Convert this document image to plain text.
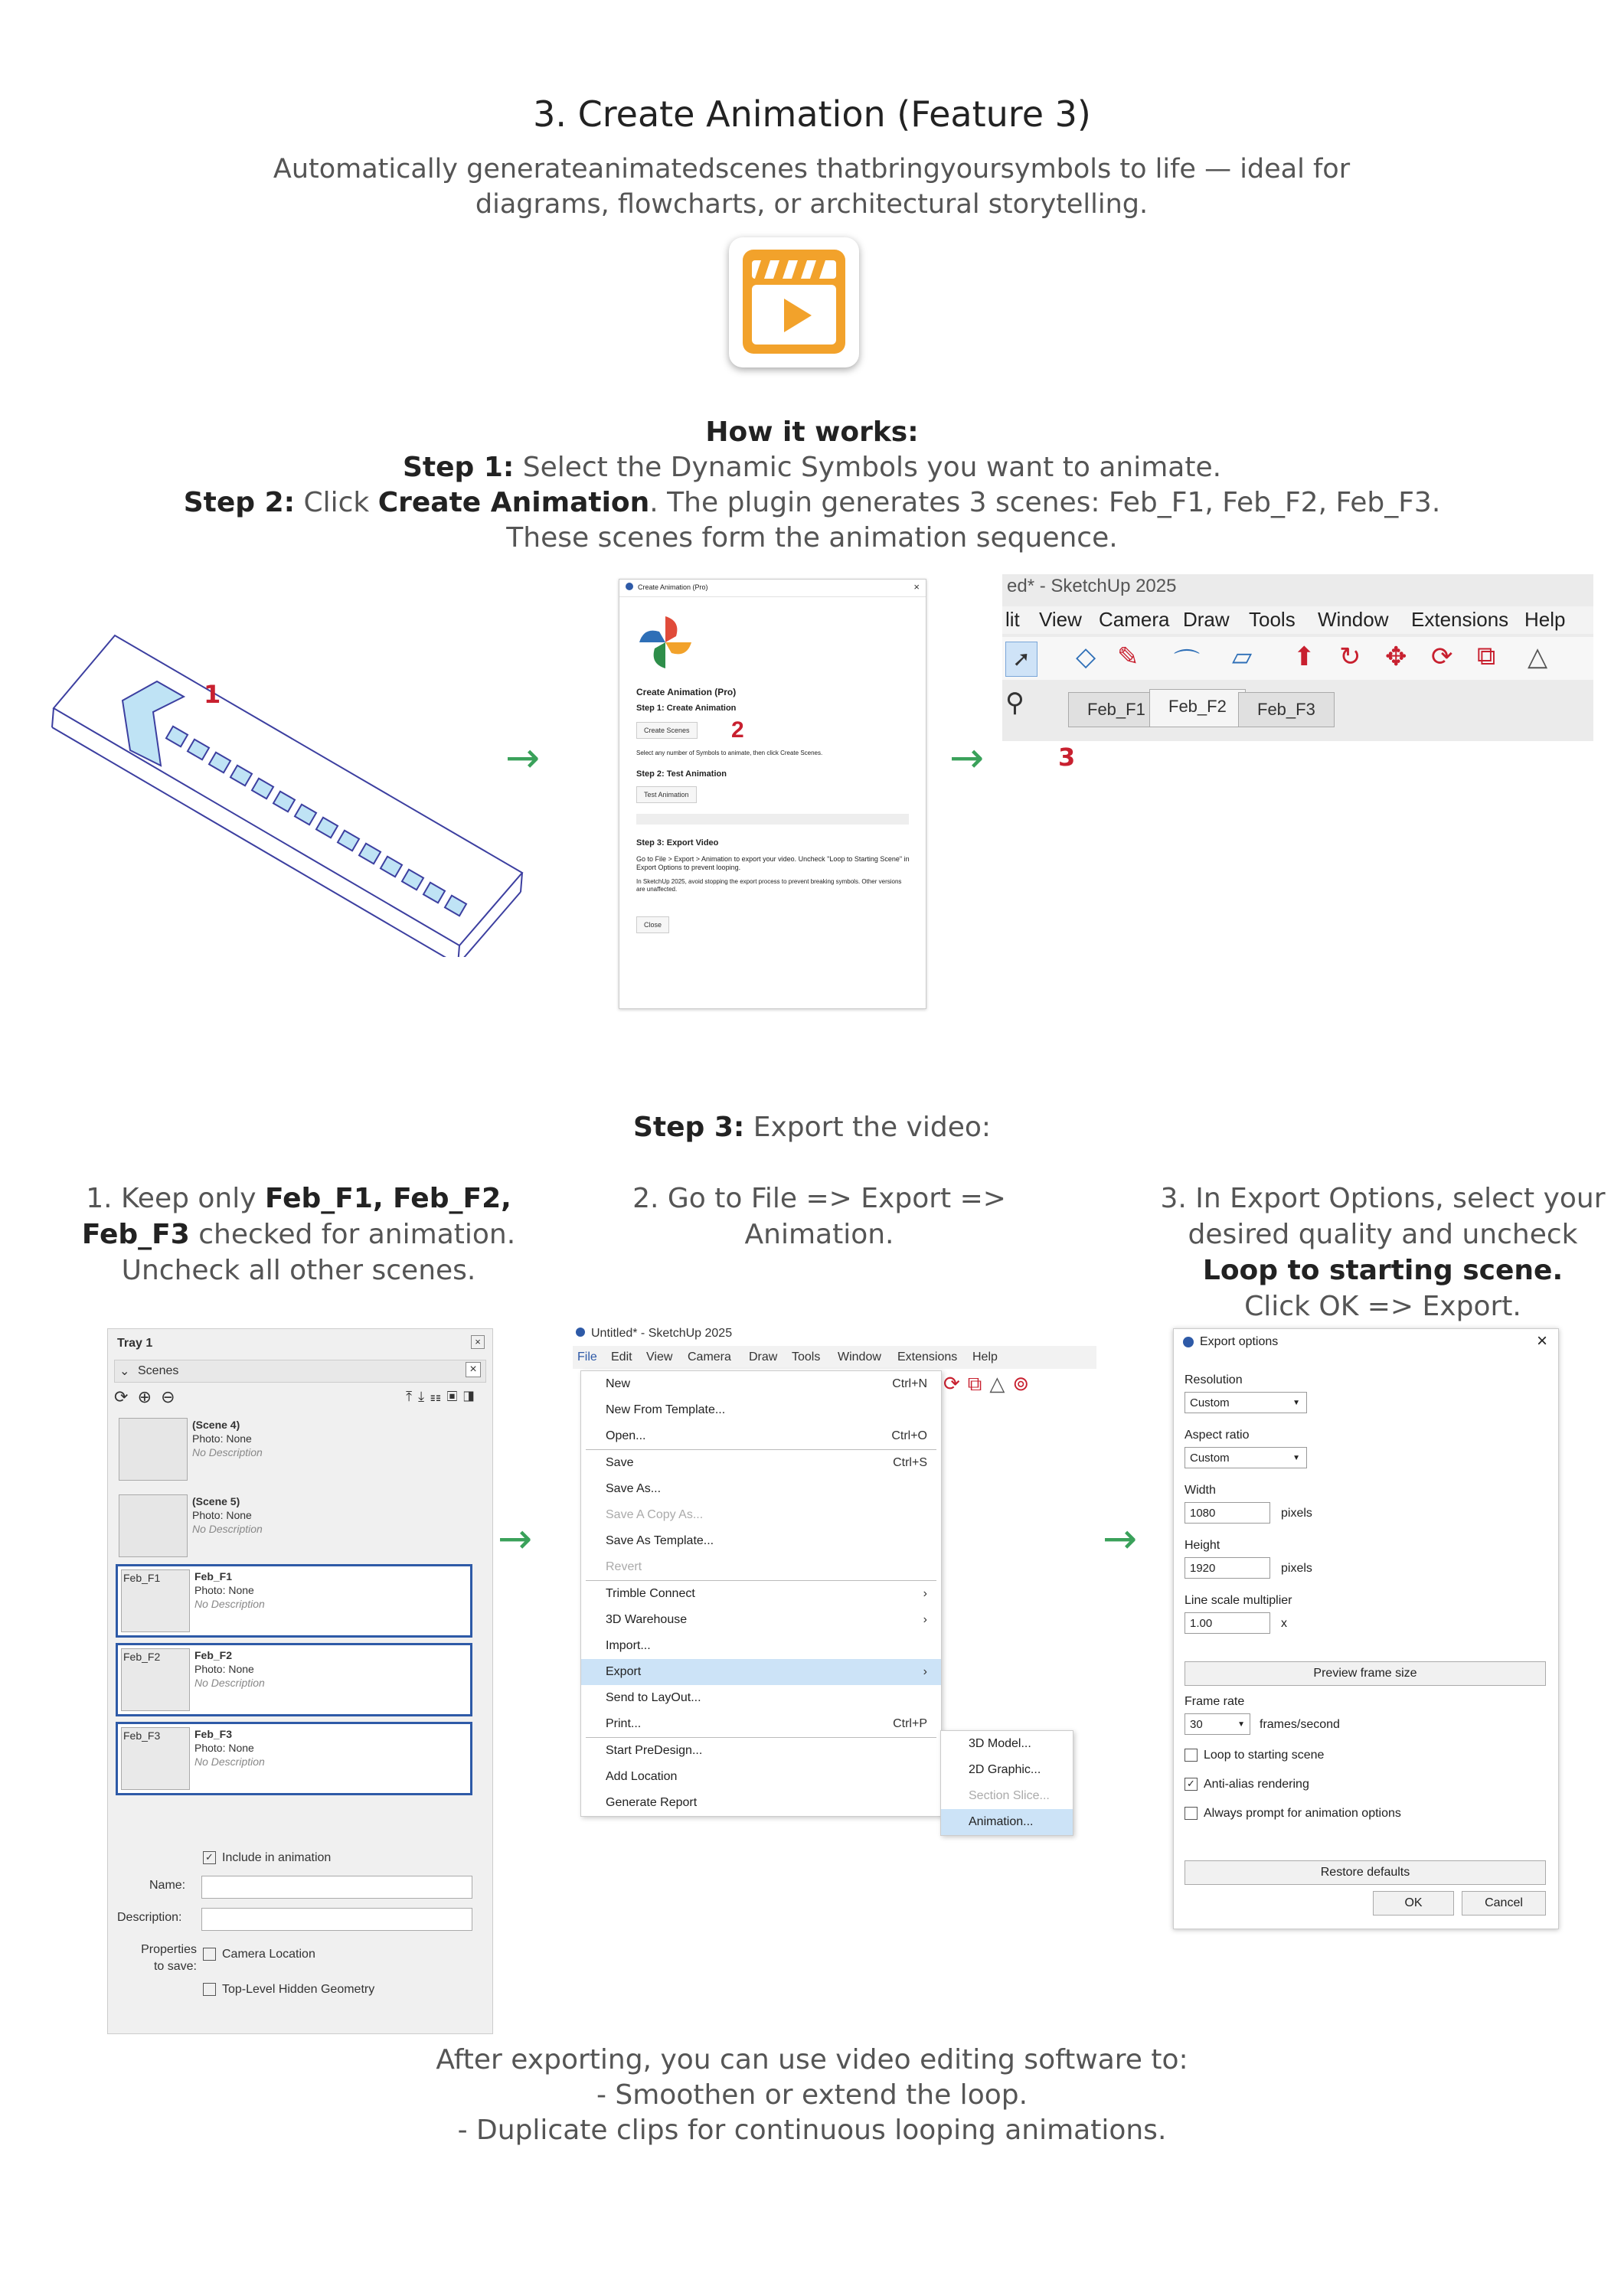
3. Create Animation (Feature 3)
Automatically generateanimatedscenes thatbringyoursymbols to life — ideal for
diagrams, flowcharts, or architectural storytelling.
How it works:
Step 1: Select the Dynamic Symbols you want to animate.
Step 2: Click Create Animation. The plugin generates 3 scenes: Feb_F1, Feb_F2, Feb_F3.
These scenes form the animation sequence.
1
→
Create Animation (Pro)	×
Create Animation (Pro)
Step 1: Create Animation
Create Scenes	2
Select any number of Symbols to animate, then click Create Scenes.
Step 2: Test Animation
Test Animation
Step 3: Export Video
Go to File > Export > Animation to export your video. Uncheck "Loop to Starting Scene" in Export Options to prevent looping.
In SketchUp 2025, avoid stopping the export process to prevent breaking symbols. Other versions are unaffected.
Close
→
ed* - SketchUp 2025
lit View Camera Draw Tools Window Extensions Help
➚ ◇ ✎ ⌒ ▱ ⬆ ↻ ✥ ⟳ ⧉ △
⚲	Feb_F1	Feb_F2	Feb_F3
3
Step 3: Export the video:
1. Keep only Feb_F1, Feb_F2,
Feb_F3 checked for animation.
Uncheck all other scenes.
2. Go to File => Export => Animation.
3. In Export Options, select your
desired quality and uncheck
Loop to starting scene.
Click OK => Export.
Tray 1	×
⌄ Scenes	×
⟳ ⊕ ⊖	⤒⤓☷▣◨
(Scene 4)
Photo: None
No Description
(Scene 5)
Photo: None
No Description
Feb_F1	Feb_F1
Photo: None
No Description
Feb_F2	Feb_F2
Photo: None
No Description
Feb_F3	Feb_F3
Photo: None
No Description
✓ Include in animation
Name:
Description:
Properties
to save:
Camera Location
Top-Level Hidden Geometry
→
Untitled* - SketchUp 2025
File Edit View Camera Draw Tools Window Extensions Help
⟳⧉△⊚
New	Ctrl+N
New From Template...
Open...	Ctrl+O
Save	Ctrl+S
Save As...
Save A Copy As...
Save As Template...
Revert
Trimble Connect	›
3D Warehouse	›
Import...
Export	›
Send to LayOut...
Print...	Ctrl+P
Start PreDesign...
Add Location
Generate Report
3D Model...
2D Graphic...
Section Slice...
Animation...
→
Export options	×
Resolution
Custom	▼
Aspect ratio
Custom	▼
Width
1080	pixels
Height
1920	pixels
Line scale multiplier
1.00	x
Preview frame size
Frame rate
30	▼ frames/second
Loop to starting scene
✓ Anti-alias rendering
Always prompt for animation options
Restore defaults
OK	Cancel
After exporting, you can use video editing software to:
- Smoothen or extend the loop.
- Duplicate clips for continuous looping animations.
